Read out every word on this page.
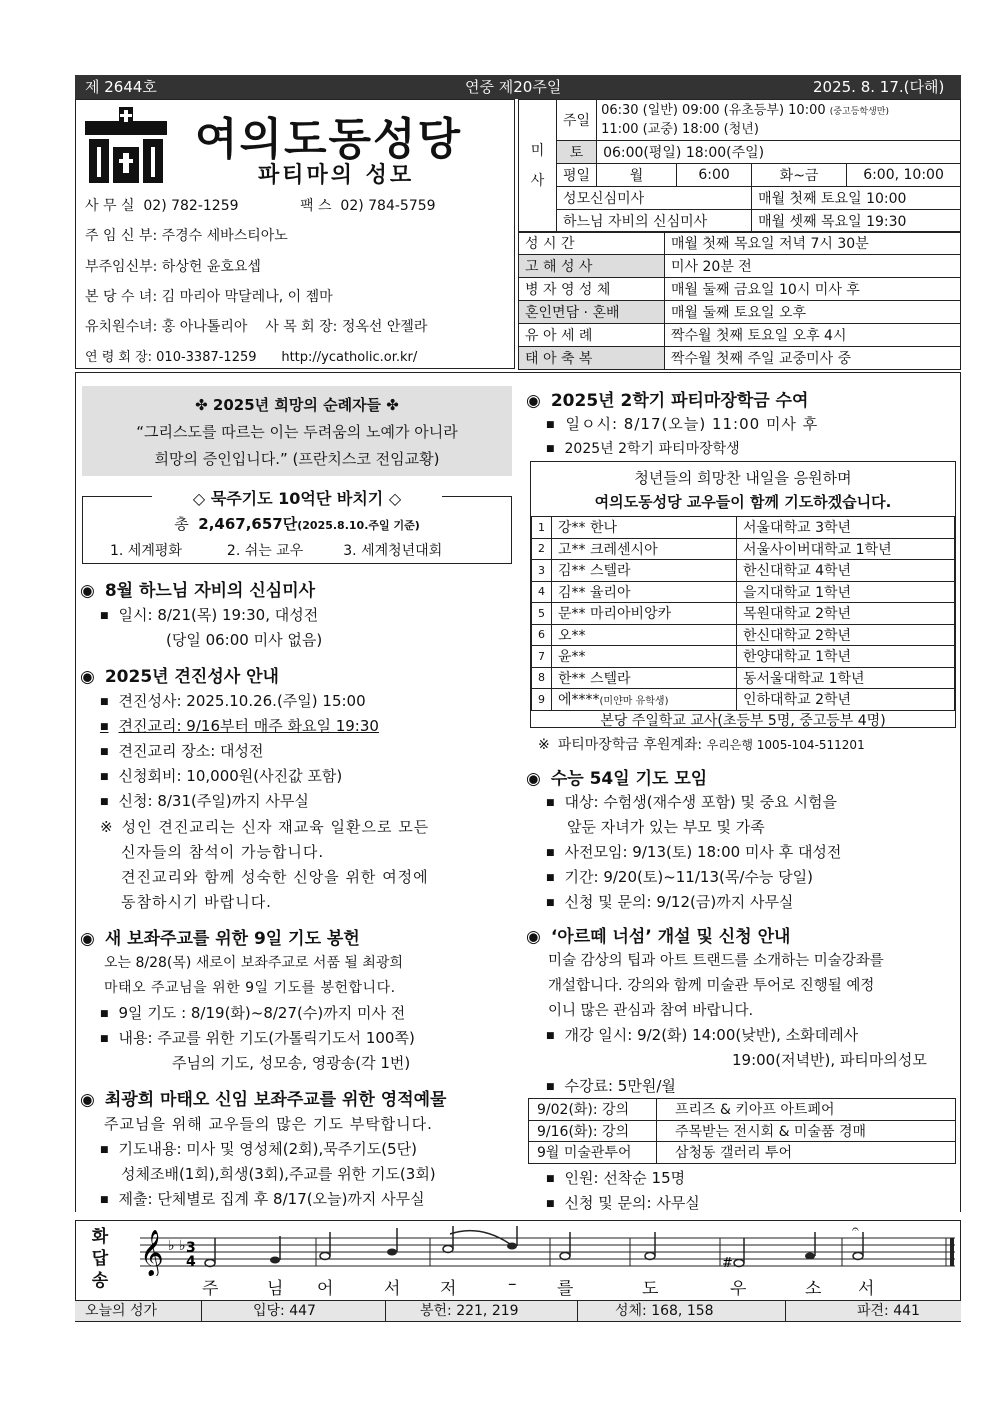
제 2644호	연중 제20주일	2025. 8. 17.(다해)
여의도동성당
파티마의 성모
사 무 실 02) 782-1259	팩 스 02) 784-5759
주 임 신 부: 주경수 세바스티아노
부주임신부: 하상헌 윤호요셉
본 당 수 녀: 김 마리아 막달레나, 이 젬마
유치원수녀: 홍 아나톨리아 사 목 회 장: 정옥선 안젤라
연 령 회 장: 010-3387-1259 http://ycatholic.or.kr/
미
사	주일	06:30 (일반) 09:00 (유초등부) 10:00 (중고등학생만)
11:00 (교중) 18:00 (청년)			
	토	06:00(평일) 18:00(주일)			
	평일	월	6:00	화~금	6:00, 10:00
	성모신심미사			매월 첫째 토요일 10:00	
	하느님 자비의 신심미사			매월 셋째 목요일 19:30	
성 시 간	매월 첫째 목요일 저녁 7시 30분
고 해 성 사	미사 20분 전
병 자 영 성 체	매월 둘째 금요일 10시 미사 후
혼인면담 · 혼배	매월 둘째 토요일 오후
유 아 세 례	짝수월 첫째 토요일 오후 4시
태 아 축 복	짝수월 첫째 주일 교중미사 중
✤ 2025년 희망의 순례자들 ✤
“그리스도를 따르는 이는 두려움의 노예가 아니라
희망의 증인입니다.” (프란치스코 전임교황)
◇ 묵주기도 10억단 바치기 ◇
총 2,467,657단(2025.8.10.주일 기준)
1. 세계평화	2. 쉬는 교우	3. 세계청년대회
◉ 8월 하느님 자비의 신심미사
■ 일시: 8/21(목) 19:30, 대성전
(당일 06:00 미사 없음)
◉ 2025년 견진성사 안내
■ 견진성사: 2025.10.26.(주일) 15:00
■ 견진교리: 9/16부터 매주 화요일 19:30
■ 견진교리 장소: 대성전
■ 신청회비: 10,000원(사진값 포함)
■ 신청: 8/31(주일)까지 사무실
※ 성인 견진교리는 신자 재교육 일환으로 모든
신자들의 참석이 가능합니다.
견진교리와 함께 성숙한 신앙을 위한 여정에
동참하시기 바랍니다.
◉ 새 보좌주교를 위한 9일 기도 봉헌
오는 8/28(목) 새로이 보좌주교로 서품 될 최광희
마태오 주교님을 위한 9일 기도를 봉헌합니다.
■ 9일 기도 : 8/19(화)~8/27(수)까지 미사 전
■ 내용: 주교를 위한 기도(가톨릭기도서 100쪽)
주님의 기도, 성모송, 영광송(각 1번)
◉ 최광희 마태오 신임 보좌주교를 위한 영적예물
주교님을 위해 교우들의 많은 기도 부탁합니다.
■ 기도내용: 미사 및 영성체(2회),묵주기도(5단)
성체조배(1회),희생(3회),주교를 위한 기도(3회)
■ 제출: 단체별로 집계 후 8/17(오늘)까지 사무실
◉ 2025년 2학기 파티마장학금 수여
■ 일ㅇ시: 8/17(오늘) 11:00 미사 후
■ 2025년 2학기 파티마장학생
청년들의 희망찬 내일을 응원하며
여의도동성당 교우들이 함께 기도하겠습니다.
1	강** 한나	서울대학교 3학년
2	고** 크레센시아	서울사이버대학교 1학년
3	김** 스텔라	한신대학교 4학년
4	김** 율리아	을지대학교 1학년
5	문** 마리아비앙카	목원대학교 2학년
6	오**	한신대학교 2학년
7	윤**	한양대학교 1학년
8	한** 스텔라	동서울대학교 1학년
9	에****(미얀마 유학생)	인하대학교 2학년
본당 주일학교 교사(초등부 5명, 중고등부 4명)
※ 파티마장학금 후원계좌: 우리은행 1005-104-511201
◉ 수능 54일 기도 모임
■ 대상: 수험생(재수생 포함) 및 중요 시험을
앞둔 자녀가 있는 부모 및 가족
■ 사전모임: 9/13(토) 18:00 미사 후 대성전
■ 기간: 9/20(토)~11/13(목/수능 당일)
■ 신청 및 문의: 9/12(금)까지 사무실
◉ ‘아르떼 너섬’ 개설 및 신청 안내
미술 감상의 팁과 아트 트랜드를 소개하는 미술강좌를
개설합니다. 강의와 함께 미술관 투어로 진행될 예정
이니 많은 관심과 참여 바랍니다.
■ 개강 일시: 9/2(화) 14:00(낮반), 소화데레사
19:00(저녁반), 파티마의성모
■ 수강료: 5만원/월
9/02(화): 강의	프리즈 & 키아프 아트페어
9/16(화): 강의	주목받는 전시회 & 미술품 경매
9월 미술관투어	삼청동 갤러리 투어
■ 인원: 선착순 15명
■ 신청 및 문의: 사무실
화
답
송
𝄞 ♭ ♭ 3
4	#
𝄐
주	님 어	서 저	– 를	도	우	소 서
오늘의 성가	입당: 447	봉헌: 221, 219	성체: 168, 158	파견: 441
